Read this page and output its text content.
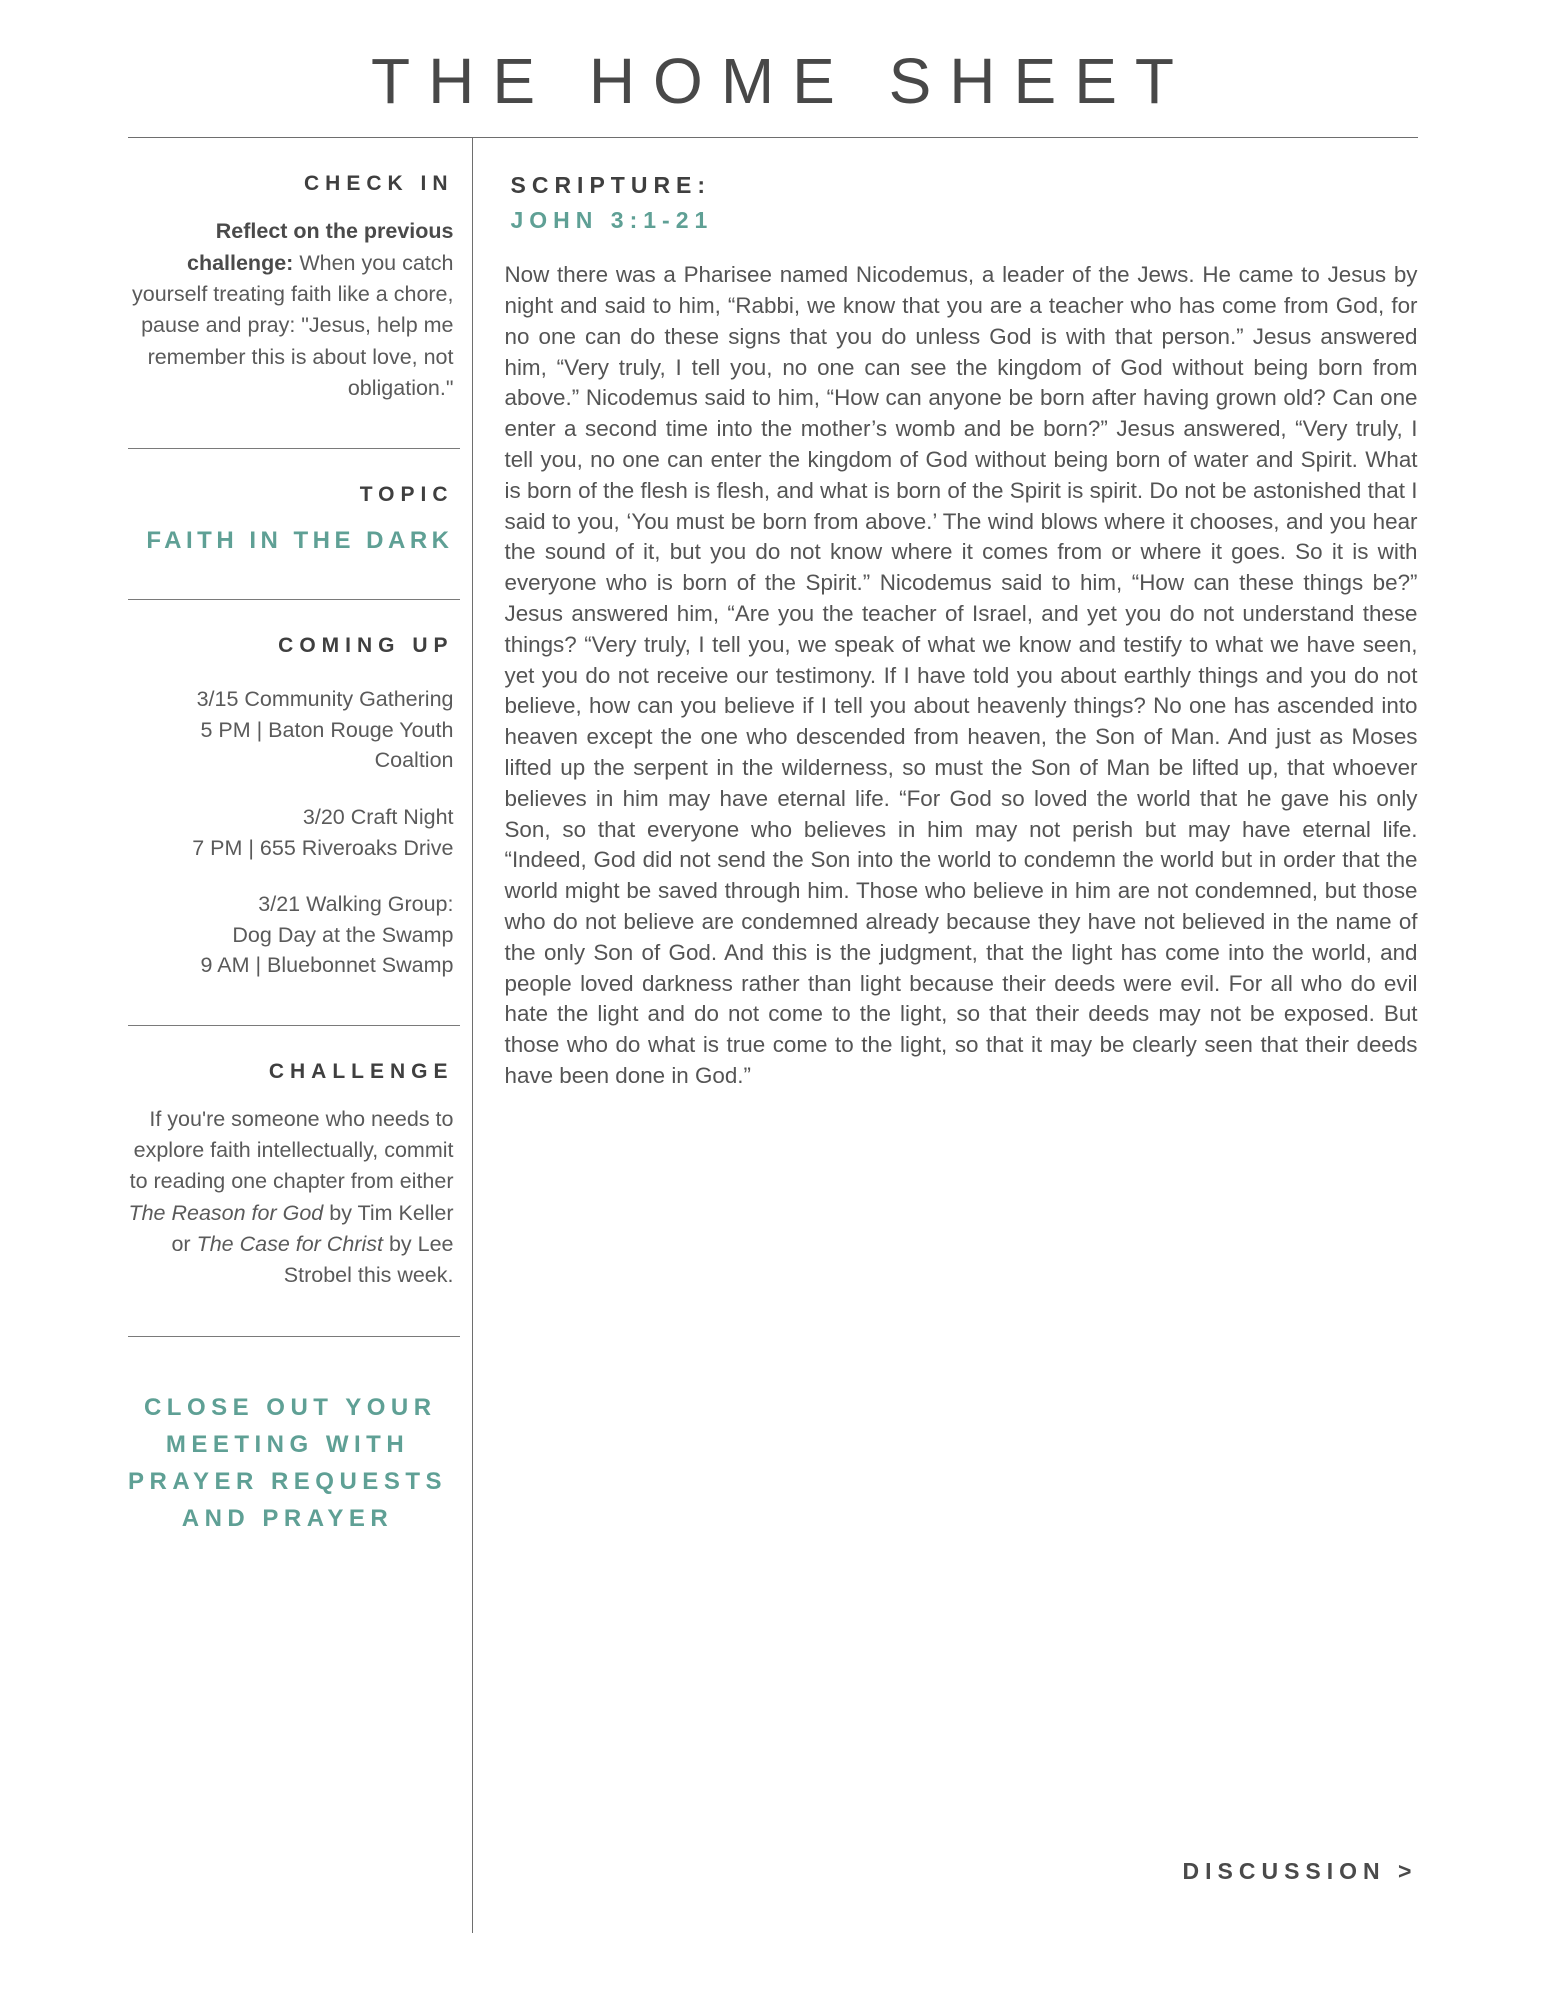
THE HOME SHEET
CHECK IN
Reflect on the previous challenge: When you catch yourself treating faith like a chore, pause and pray: "Jesus, help me remember this is about love, not obligation."
TOPIC
FAITH IN THE DARK
COMING UP
3/15 Community Gathering
5 PM | Baton Rouge Youth Coaltion
3/20 Craft Night
7 PM | 655 Riveroaks Drive
3/21 Walking Group:
Dog Day at the Swamp
9 AM | Bluebonnet Swamp
CHALLENGE
If you're someone who needs to explore faith intellectually, commit to reading one chapter from either The Reason for God by Tim Keller or The Case for Christ by Lee Strobel this week.
CLOSE OUT YOUR MEETING WITH PRAYER REQUESTS AND PRAYER
SCRIPTURE:
JOHN 3:1-21
Now there was a Pharisee named Nicodemus, a leader of the Jews. He came to Jesus by night and said to him, “Rabbi, we know that you are a teacher who has come from God, for no one can do these signs that you do unless God is with that person.” Jesus answered him, “Very truly, I tell you, no one can see the kingdom of God without being born from above.” Nicodemus said to him, “How can anyone be born after having grown old? Can one enter a second time into the mother’s womb and be born?” Jesus answered, “Very truly, I tell you, no one can enter the kingdom of God without being born of water and Spirit. What is born of the flesh is flesh, and what is born of the Spirit is spirit. Do not be astonished that I said to you, ‘You must be born from above.’ The wind blows where it chooses, and you hear the sound of it, but you do not know where it comes from or where it goes. So it is with everyone who is born of the Spirit.” Nicodemus said to him, “How can these things be?” Jesus answered him, “Are you the teacher of Israel, and yet you do not understand these things? “Very truly, I tell you, we speak of what we know and testify to what we have seen, yet you do not receive our testimony. If I have told you about earthly things and you do not believe, how can you believe if I tell you about heavenly things? No one has ascended into heaven except the one who descended from heaven, the Son of Man. And just as Moses lifted up the serpent in the wilderness, so must the Son of Man be lifted up, that whoever believes in him may have eternal life. “For God so loved the world that he gave his only Son, so that everyone who believes in him may not perish but may have eternal life. “Indeed, God did not send the Son into the world to condemn the world but in order that the world might be saved through him. Those who believe in him are not condemned, but those who do not believe are condemned already because they have not believed in the name of the only Son of God. And this is the judgment, that the light has come into the world, and people loved darkness rather than light because their deeds were evil. For all who do evil hate the light and do not come to the light, so that their deeds may not be exposed. But those who do what is true come to the light, so that it may be clearly seen that their deeds have been done in God.”
DISCUSSION >
